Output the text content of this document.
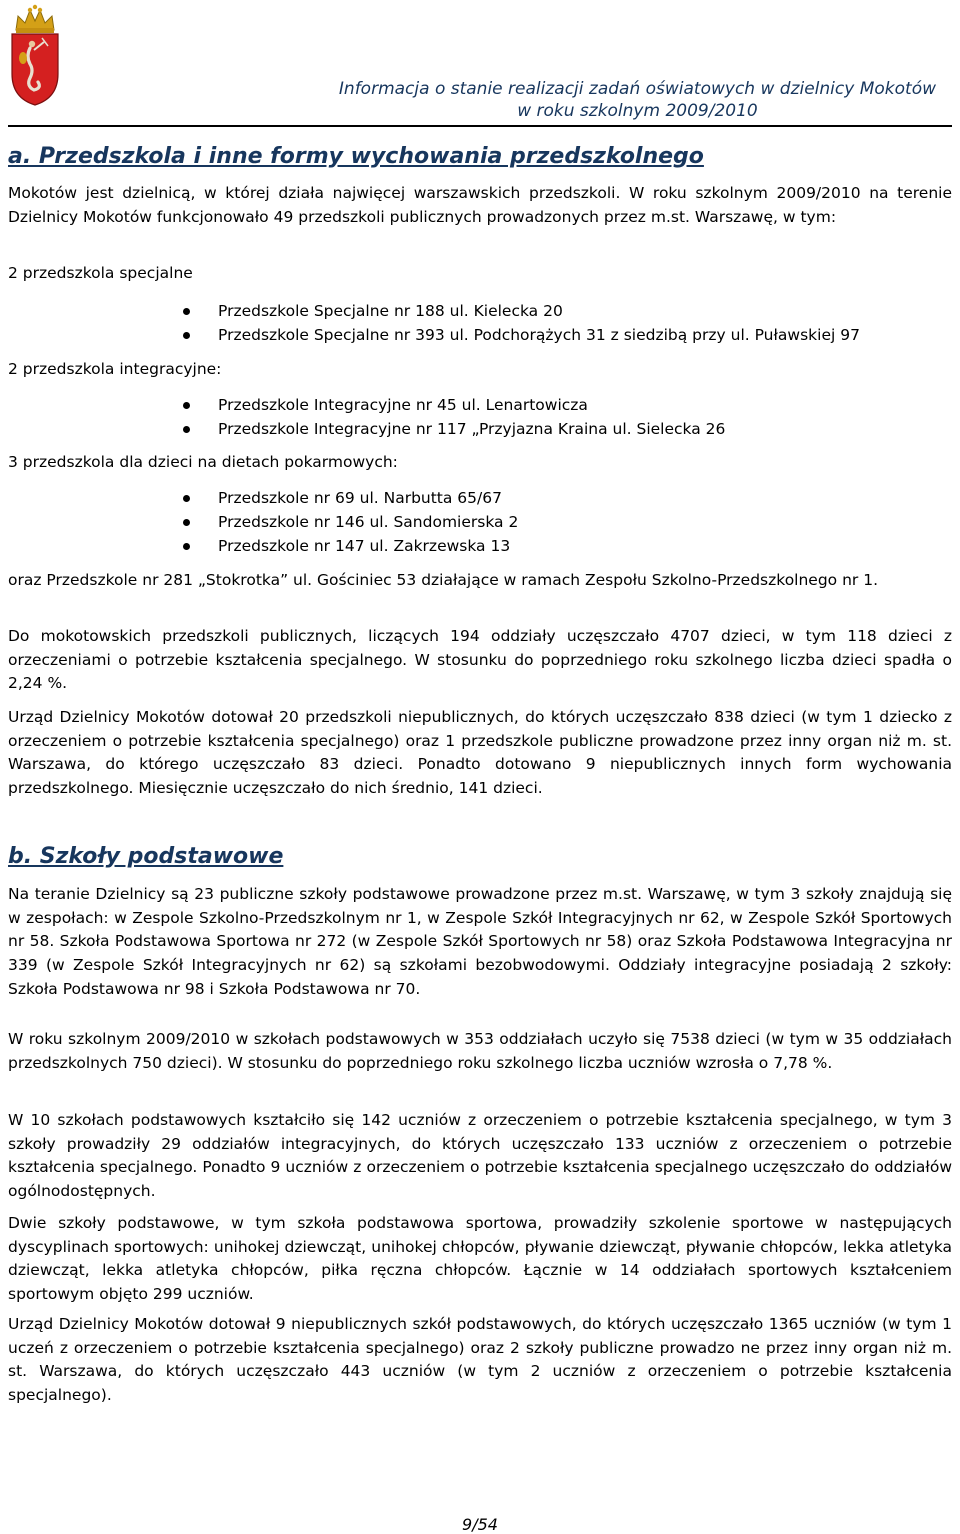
Informacja o stanie realizacji zadań oświatowych w dzielnicy Mokotów
w roku szkolnym 2009/2010
a. Przedszkola i inne formy wychowania przedszkolnego

Mokotów jest dzielnicą, w której działa najwięcej warszawskich przedszkoli. W roku szkolnym 2009/2010 na terenie Dzielnicy Mokotów funkcjonowało 49 przedszkoli publicznych prowadzonych przez m.st. Warszawę, w tym:

2 przedszkola specjalne

Przedszkole Specjalne nr 188 ul. Kielecka 20
Przedszkole Specjalne nr 393 ul. Podchorążych 31 z siedzibą przy ul. Puławskiej 97

2 przedszkola integracyjne:

Przedszkole Integracyjne nr 45 ul. Lenartowicza
Przedszkole Integracyjne nr 117 „Przyjazna Kraina ul. Sielecka 26

3 przedszkola dla dzieci na dietach pokarmowych:

Przedszkole nr 69 ul. Narbutta 65/67
Przedszkole nr 146 ul. Sandomierska 2
Przedszkole nr 147 ul. Zakrzewska 13

oraz Przedszkole nr 281 „Stokrotka” ul. Gościniec 53 działające w ramach Zespołu Szkolno-Przedszkolnego nr 1.

Do mokotowskich przedszkoli publicznych, liczących 194 oddziały uczęszczało 4707 dzieci, w tym 118 dzieci z orzeczeniami o potrzebie kształcenia specjalnego. W stosunku do poprzedniego roku szkolnego liczba dzieci spadła o 2,24 %.

Urząd Dzielnicy Mokotów dotował 20 przedszkoli niepublicznych, do których uczęszczało 838 dzieci (w tym 1 dziecko z orzeczeniem o potrzebie kształcenia specjalnego) oraz 1 przedszkole publiczne prowadzone przez inny organ niż m. st. Warszawa, do którego uczęszczało 83 dzieci. Ponadto dotowano 9 niepublicznych innych form wychowania przedszkolnego. Miesięcznie uczęszczało do nich średnio, 141 dzieci.

b. Szkoły podstawowe

Na teranie Dzielnicy są 23 publiczne szkoły podstawowe prowadzone przez m.st. Warszawę, w tym 3 szkoły znajdują się w zespołach: w Zespole Szkolno-Przedszkolnym nr 1, w Zespole Szkół Integracyjnych nr 62, w Zespole Szkół Sportowych nr 58. Szkoła Podstawowa Sportowa nr 272 (w Zespole Szkół Sportowych nr 58) oraz Szkoła Podstawowa Integracyjna nr 339 (w Zespole Szkół Integracyjnych nr 62) są szkołami bezobwodowymi. Oddziały integracyjne posiadają 2 szkoły: Szkoła Podstawowa nr 98 i Szkoła Podstawowa nr 70.

W roku szkolnym 2009/2010 w szkołach podstawowych w 353 oddziałach uczyło się 7538 dzieci (w tym w 35 oddziałach przedszkolnych 750 dzieci). W stosunku do poprzedniego roku szkolnego liczba uczniów wzrosła o 7,78 %.

W 10 szkołach podstawowych kształciło się 142 uczniów z orzeczeniem o potrzebie kształcenia specjalnego, w tym 3 szkoły prowadziły 29 oddziałów integracyjnych, do których uczęszczało 133 uczniów z orzeczeniem o potrzebie kształcenia specjalnego. Ponadto 9 uczniów z orzeczeniem o potrzebie kształcenia specjalnego uczęszczało do oddziałów ogólnodostępnych.

Dwie szkoły podstawowe, w tym szkoła podstawowa sportowa, prowadziły szkolenie sportowe w następujących dyscyplinach sportowych: unihokej dziewcząt, unihokej chłopców, pływanie dziewcząt, pływanie chłopców, lekka atletyka dziewcząt, lekka atletyka chłopców, piłka ręczna chłopców. Łącznie w 14 oddziałach sportowych kształceniem sportowym objęto 299 uczniów.

Urząd Dzielnicy Mokotów dotował 9 niepublicznych szkół podstawowych, do których uczęszczało 1365 uczniów (w tym 1 uczeń z orzeczeniem o potrzebie kształcenia specjalnego) oraz 2 szkoły publiczne prowadzo ne przez inny organ niż m. st. Warszawa, do których uczęszczało 443 uczniów (w tym 2 uczniów z orzeczeniem o potrzebie kształcenia specjalnego).

9/54
